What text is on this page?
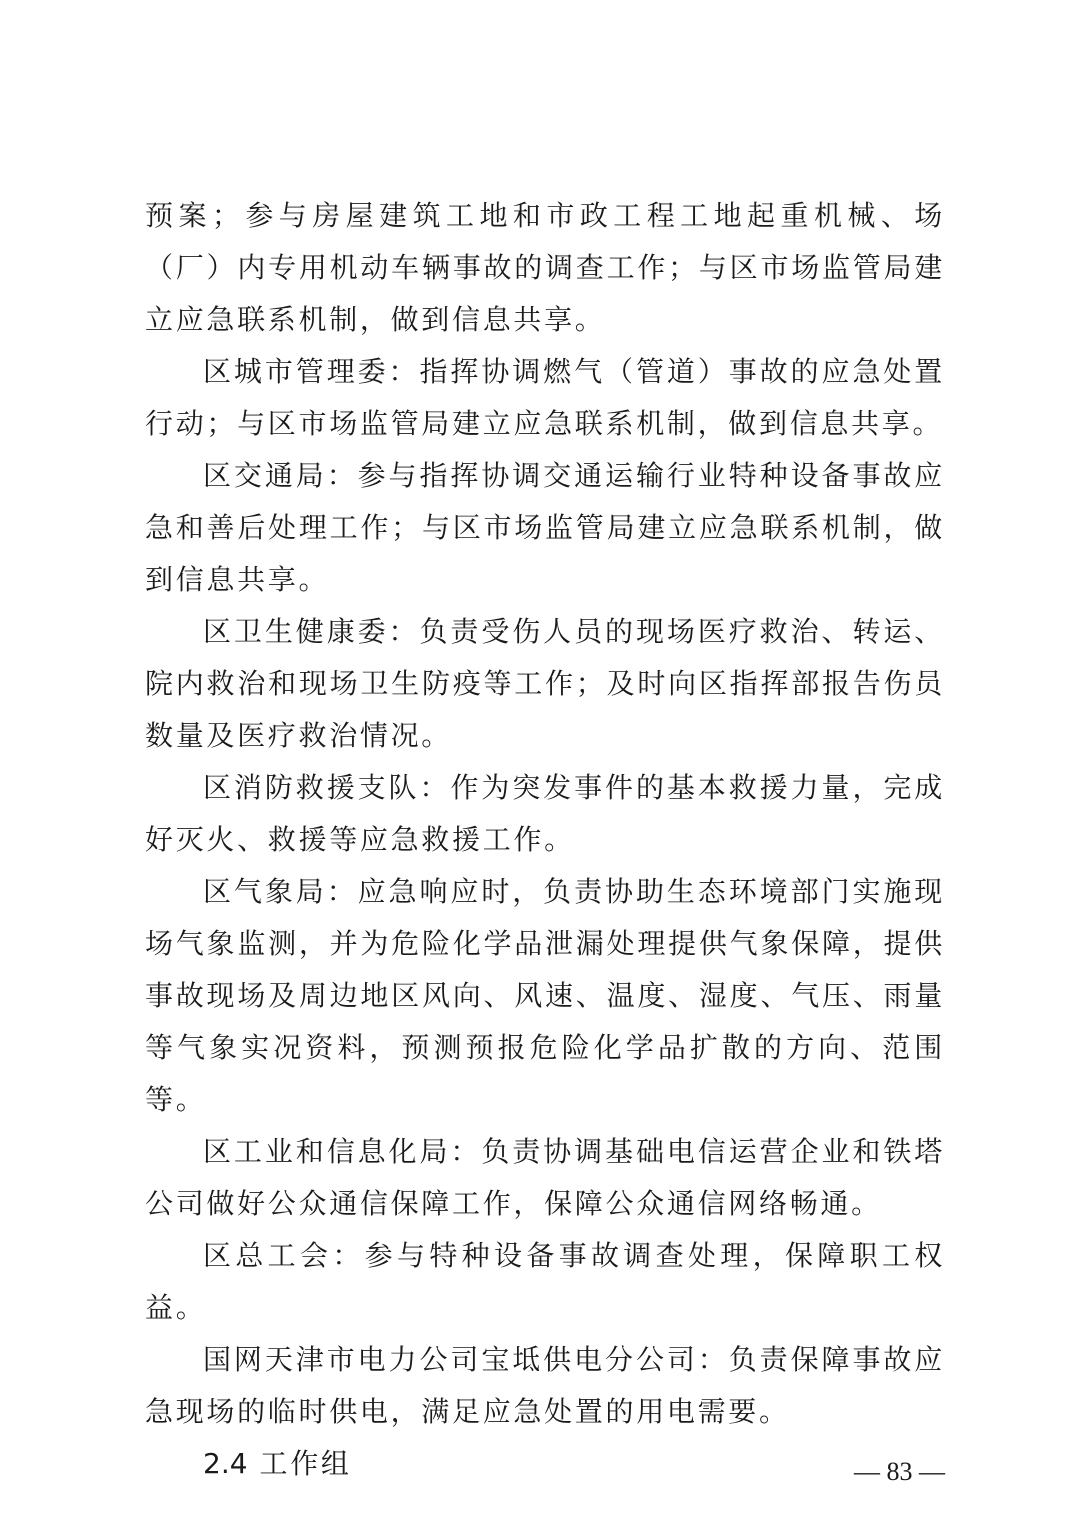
预案；参与房屋建筑工地和市政工程工地起重机械、场（厂）内专用机动车辆事故的调查工作；与区市场监管局建立应急联系机制，做到信息共享。

区城市管理委：指挥协调燃气（管道）事故的应急处置行动；与区市场监管局建立应急联系机制，做到信息共享。

区交通局：参与指挥协调交通运输行业特种设备事故应急和善后处理工作；与区市场监管局建立应急联系机制，做到信息共享。

区卫生健康委：负责受伤人员的现场医疗救治、转运、院内救治和现场卫生防疫等工作；及时向区指挥部报告伤员数量及医疗救治情况。

区消防救援支队：作为突发事件的基本救援力量，完成好灭火、救援等应急救援工作。

区气象局：应急响应时，负责协助生态环境部门实施现场气象监测，并为危险化学品泄漏处理提供气象保障，提供事故现场及周边地区风向、风速、温度、湿度、气压、雨量等气象实况资料，预测预报危险化学品扩散的方向、范围等。

区工业和信息化局：负责协调基础电信运营企业和铁塔公司做好公众通信保障工作，保障公众通信网络畅通。

区总工会：参与特种设备事故调查处理，保障职工权益。

国网天津市电力公司宝坻供电分公司：负责保障事故应急现场的临时供电，满足应急处置的用电需要。

2.4 工作组	— 83 —
